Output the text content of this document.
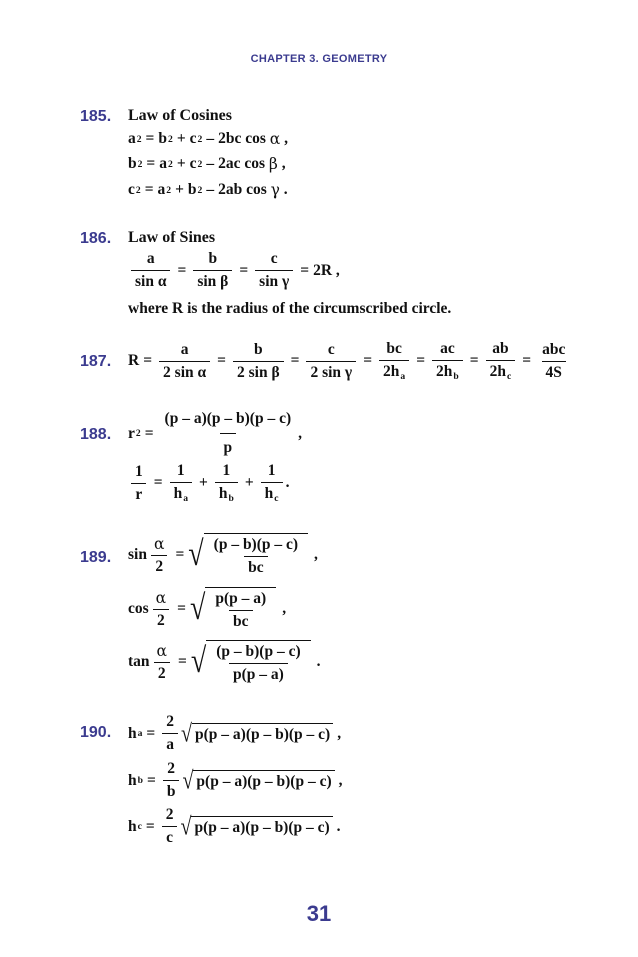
CHAPTER 3. GEOMETRY
185. Law of Cosines
a 2 = b 2 + c 2 – 2bc cos
α
,
b 2 = a 2 + c 2 – 2ac cos
β
,
c 2 = a 2 + b 2 – 2ab cos
γ
.
186. Law of Sines
$\frac{a}{\text{sin α}} = \frac{b}{\text{sin β}} = \frac{c}{\text{sin γ}} = 2R$ ,
where R is the radius of the circumscribed circle.
187. $R = \frac{a}{\text{2 sin α}} = \frac{b}{\text{2 sin β}} = \frac{c}{\text{2 sin γ}} = \frac{bc}{2h_a} = \frac{ac}{2h_b} = \frac{ab}{2h_c} = \frac{\text{abc}}{4S}$
188. r $2 = \frac{(p - a)(p - b)(p - c)}{p}$ ,
$\frac{1}{r} = \frac{1}{h_a} + \frac{1}{h_b} + \frac{1}{h_c}$ .
189. $\sin \frac{\alpha}{2}$ = √ $\frac{(p - b)(p - c)}{bc}$ ,
$\cos \frac{\alpha}{2}$ = √ $\frac{p(p - a)}{bc}$ ,
$\tan \frac{\alpha}{2}$ = √ $\frac{(p - b)(p - c)}{p(p - a)}$ .
190. h $a = \frac{2}{a}$ √ p(p – a)(p – b)(p – c) ,
h $b = \frac{2}{b}$ √ p(p – a)(p – b)(p – c) ,
h $c = \frac{2}{c}$ √ p(p – a)(p – b)(p – c) .
31
